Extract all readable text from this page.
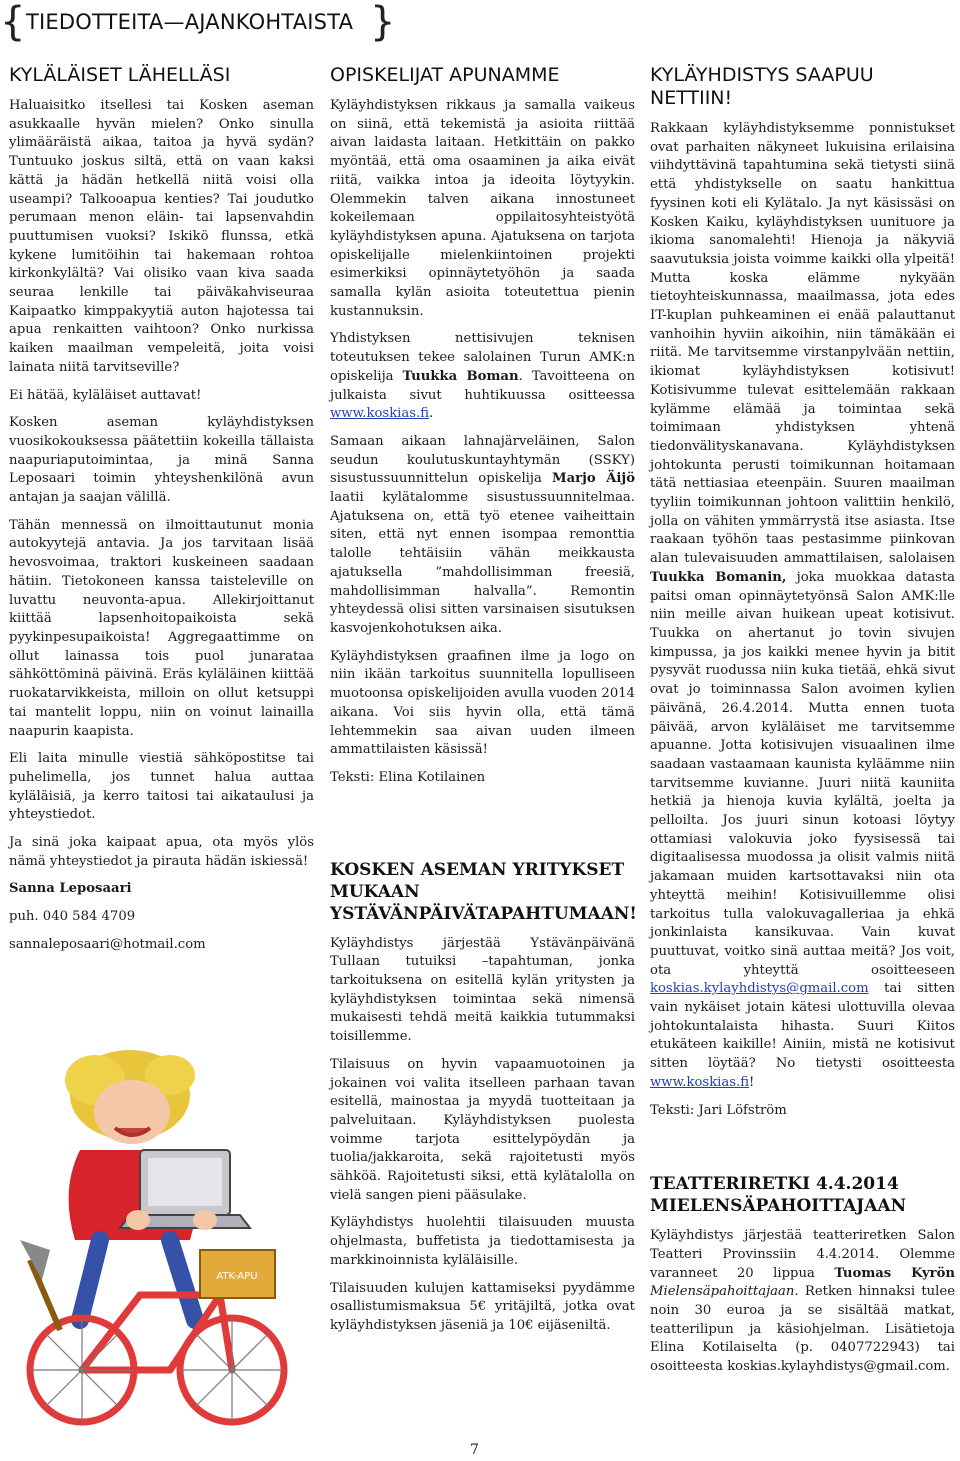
{ TIEDOTTEITA—AJANKOHTAISTA }
KYLÄLÄISET LÄHELLÄSI

Haluaisitko itsellesi tai Kosken aseman asukkaalle hyvän mielen? Onko sinulla ylimääräistä aikaa, taitoa ja hyvä sydän? Tuntuuko joskus siltä, että on vaan kaksi kättä ja hädän hetkellä niitä voisi olla useampi? Talkooapua kenties? Tai joudutko perumaan menon eläin- tai lapsenvahdin puuttumisen vuoksi? Iskikö flunssa, etkä kykene lumitöihin tai hakemaan rohtoa kirkonkylältä? Vai olisiko vaan kiva saada seuraa lenkille tai päiväkahviseuraa Kaipaatko kimppakyytiä auton hajotessa tai apua renkaitten vaihtoon? Onko nurkissa kaiken maailman vempeleitä, joita voisi lainata niitä tarvitseville?

Ei hätää, kyläläiset auttavat!

Kosken aseman kyläyhdistyksen vuosikokouksessa päätettiin kokeilla tällaista naapuriaputoimintaa, ja minä Sanna Leposaari toimin yhteyshenkilönä avun antajan ja saajan välillä.

Tähän mennessä on ilmoittautunut monia autokyytejä antavia. Ja jos tarvitaan lisää hevosvoimaa, traktori kuskeineen saadaan hätiin. Tietokoneen kanssa taisteleville on luvattu neuvonta-apua. Allekirjoittanut kiittää lapsenhoitopaikoista sekä pyykinpesupaikoista! Aggregaattimme on ollut lainassa tois puol junarataa sähköttöminä päivinä. Eräs kyläläinen kiittää ruokatarvikkeista, milloin on ollut ketsuppi tai mantelit loppu, niin on voinut lainailla naapurin kaapista.

Eli laita minulle viestiä sähköpostitse tai puhelimella, jos tunnet halua auttaa kyläläisiä, ja kerro taitosi tai aikataulusi ja yhteystiedot.

Ja sinä joka kaipaat apua, ota myös ylös nämä yhteystiedot ja pirauta hädän iskiessä!

Sanna Leposaari

puh. 040 584 4709

sannaleposaari@hotmail.com

ATK-APU
OPISKELIJAT APUNAMME

Kyläyhdistyksen rikkaus ja samalla vaikeus on siinä, että tekemistä ja asioita riittää aivan laidasta laitaan. Hetkittäin on pakko myöntää, että oma osaaminen ja aika eivät riitä, vaikka intoa ja ideoita löytyykin. Olemmekin talven aikana innostuneet kokeilemaan oppilaitosyhteistyötä kyläyhdistyksen apuna. Ajatuksena on tarjota opiskelijalle mielenkiintoinen projekti esimerkiksi opinnäytetyöhön ja saada samalla kylän asioita toteutettua pienin kustannuksin.

Yhdistyksen nettisivujen teknisen toteutuksen tekee salolainen Turun AMK:n opiskelija Tuukka Boman. Tavoitteena on julkaista sivut huhtikuussa ositteessa www.koskias.fi.

Samaan aikaan lahnajärveläinen, Salon seudun koulutuskuntayhtymän (SSKY) sisustussuunnittelun opiskelija Marjo Äijö laatii kylätalomme sisustussuunnitelmaa. Ajatuksena on, että työ etenee vaiheittain siten, että nyt ennen isompaa remonttia talolle tehtäisiin vähän meikkausta ajatuksella ”mahdollisimman freesiä, mahdollisimman halvalla”. Remontin yhteydessä olisi sitten varsinaisen sisutuksen kasvojenkohotuksen aika.

Kyläyhdistyksen graafinen ilme ja logo on niin ikään tarkoitus suunnitella lopulliseen muotoonsa opiskelijoiden avulla vuoden 2014 aikana. Voi siis hyvin olla, että tämä lehtemmekin saa aivan uuden ilmeen ammattilaisten käsissä!

Teksti: Elina Kotilainen

KOSKEN ASEMAN YRITYKSET MUKAAN YSTÄVÄNPÄIVÄTAPAHTUMAAN!

Kyläyhdistys järjestää Ystävänpäivänä Tullaan tutuiksi –tapahtuman, jonka tarkoituksena on esitellä kylän yritysten ja kyläyhdistyksen toimintaa sekä nimensä mukaisesti tehdä meitä kaikkia tutummaksi toisillemme.

Tilaisuus on hyvin vapaamuotoinen ja jokainen voi valita itselleen parhaan tavan esitellä, mainostaa ja myydä tuotteitaan ja palveluitaan. Kyläyhdistyksen puolesta voimme tarjota esittelypöydän ja tuolia/jakkaroita, sekä rajoitetusti myös sähköä. Rajoitetusti siksi, että kylätalolla on vielä sangen pieni pääsulake.

Kyläyhdistys huolehtii tilaisuuden muusta ohjelmasta, buffetista ja tiedottamisesta ja markkinoinnista kyläläisille.

Tilaisuuden kulujen kattamiseksi pyydämme osallistumismaksua 5€ yritäjiltä, jotka ovat kyläyhdistyksen jäseniä ja 10€ eijäseniltä.

KYLÄYHDISTYS SAAPUU NETTIIN!

Rakkaan kyläyhdistyksemme ponnistukset ovat parhaiten näkyneet lukuisina erilaisina viihdyttävinä tapahtumina sekä tietysti siinä että yhdistykselle on saatu hankittua fyysinen koti eli Kylätalo. Ja nyt käsissäsi on Kosken Kaiku, kyläyhdistyksen uunituore ja ikioma sanomalehti! Hienoja ja näkyviä saavutuksia joista voimme kaikki olla ylpeitä! Mutta koska elämme nykyään tietoyhteiskunnassa, maailmassa, jota edes IT-kuplan puhkeaminen ei enää palauttanut vanhoihin hyviin aikoihin, niin tämäkään ei riitä. Me tarvitsemme virstanpylvään nettiin, ikiomat kyläyhdistyksen kotisivut! Kotisivumme tulevat esittelemään rakkaan kylämme elämää ja toimintaa sekä toimimaan yhdistyksen yhtenä tiedonvälityskanavana. Kyläyhdistyksen johtokunta perusti toimikunnan hoitamaan tätä nettiasiaa eteenpäin. Suuren maailman tyyliin toimikunnan johtoon valittiin henkilö, jolla on vähiten ymmärrystä itse asiasta. Itse raakaan työhön taas pestasimme piinkovan alan tulevaisuuden ammattilaisen, salolaisen Tuukka Bomanin, joka muokkaa datasta paitsi oman opinnäytetyönsä Salon AMK:lle niin meille aivan huikean upeat kotisivut. Tuukka on ahertanut jo tovin sivujen kimpussa, ja jos kaikki menee hyvin ja bitit pysyvät ruodussa niin kuka tietää, ehkä sivut ovat jo toiminnassa Salon avoimen kylien päivänä, 26.4.2014. Mutta ennen tuota päivää, arvon kyläläiset me tarvitsemme apuanne. Jotta kotisivujen visuaalinen ilme saadaan vastaamaan kaunista kyläämme niin tarvitsemme kuvianne. Juuri niitä kauniita hetkiä ja hienoja kuvia kylältä, joelta ja pelloilta. Jos juuri sinun kotoasi löytyy ottamiasi valokuvia joko fyysisessä tai digitaalisessa muodossa ja olisit valmis niitä jakamaan muiden kartsottavaksi niin ota yhteyttä meihin! Kotisivuillemme olisi tarkoitus tulla valokuvagalleriaa ja ehkä jonkinlaista kansikuvaa. Vain kuvat puuttuvat, voitko sinä auttaa meitä? Jos voit, ota yhteyttä osoitteeseen koskias.kylayhdistys@gmail.com tai sitten vain nykäiset jotain kätesi ulottuvilla olevaa johtokuntalaista hihasta. Suuri Kiitos etukäteen kaikille! Ainiin, mistä ne kotisivut sitten löytää? No tietysti osoitteesta www.koskias.fi!

Teksti: Jari Löfström

TEATTERIRETKI 4.4.2014 MIELENSÄPAHOITTAJAAN

Kyläyhdistys järjestää teatteriretken Salon Teatteri Provinssiin 4.4.2014. Olemme varanneet 20 lippua Tuomas Kyrön Mielensäpahoittajaan. Retken hinnaksi tulee noin 30 euroa ja se sisältää matkat, teatterilipun ja käsiohjelman. Lisätietoja Elina Kotilaiselta (p. 0407722943) tai osoitteesta koskias.kylayhdistys@gmail.com.

7
